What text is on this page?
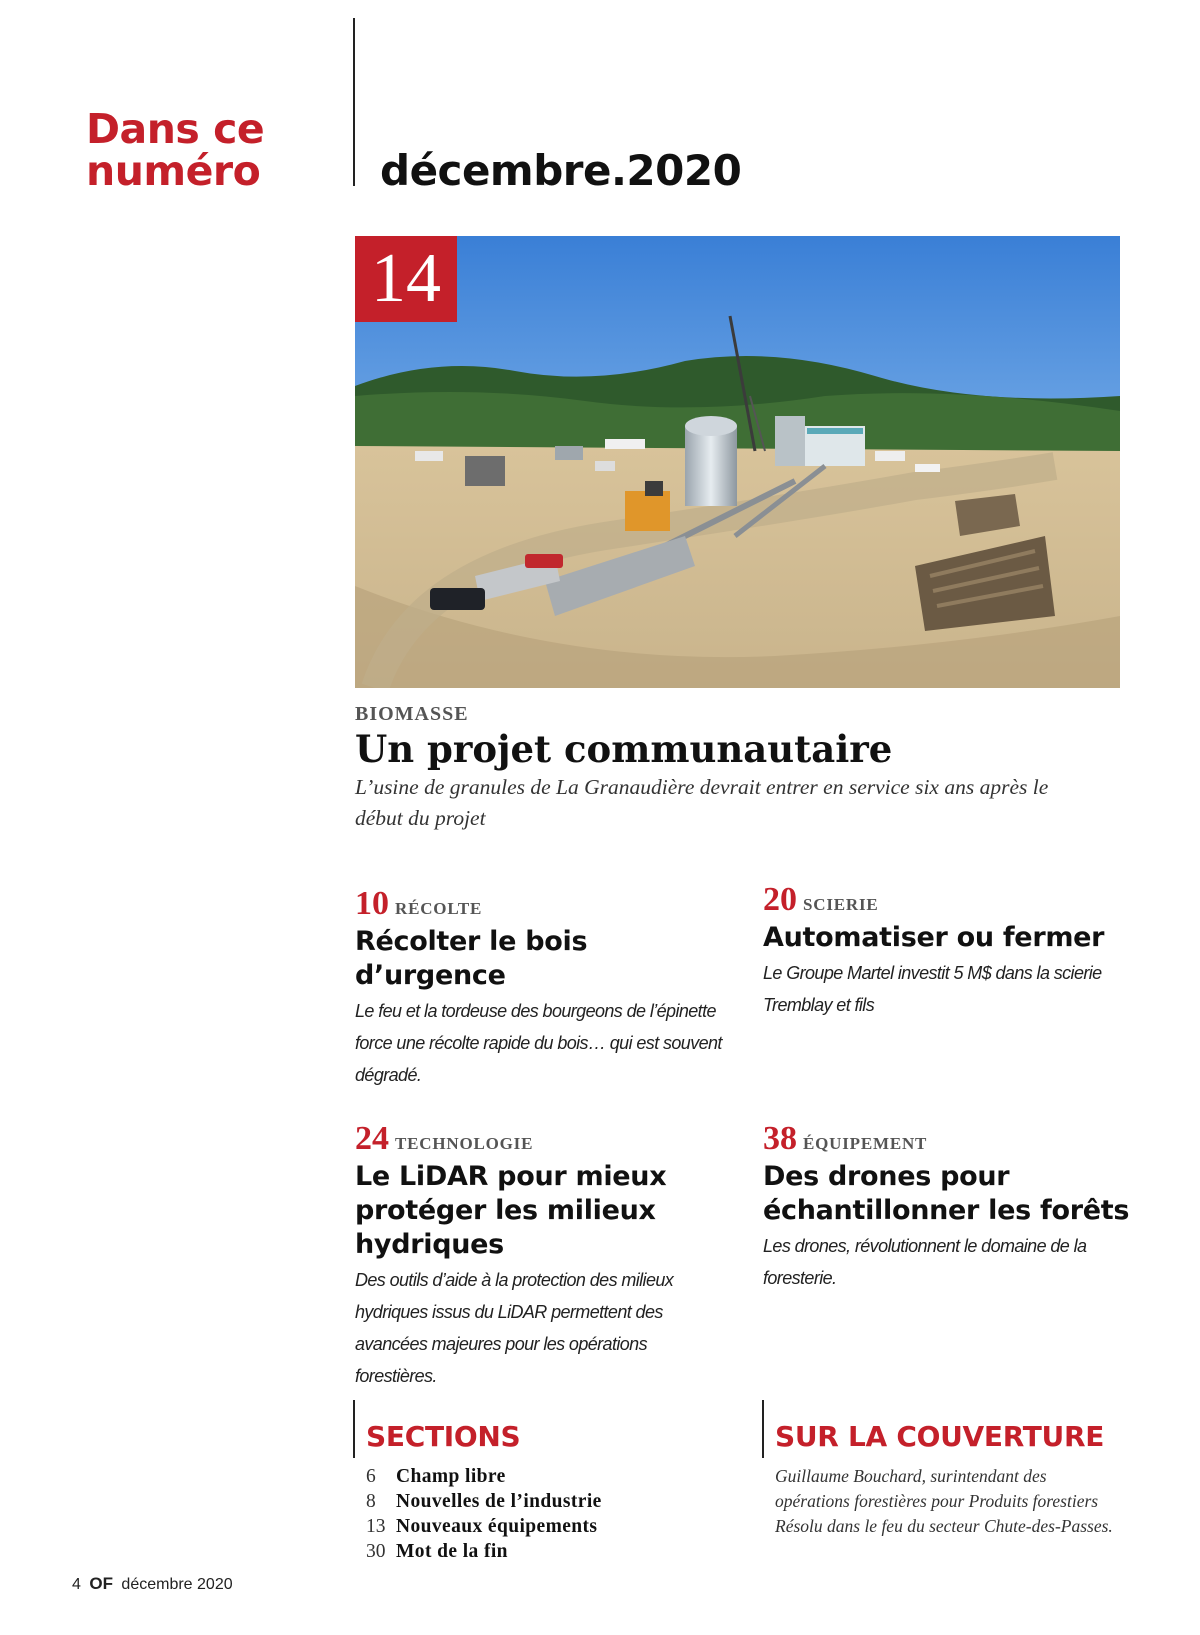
Dans ce
numéro	décembre.2020
14
BIOMASSE
Un projet communautaire
L’usine de granules de La Granaudière devrait entrer en service six ans après le début du projet
10 RÉCOLTE
Récolter le bois d’urgence
Le feu et la tordeuse des bourgeons de l’épinette force une récolte rapide du bois… qui est souvent dégradé.
20 SCIERIE
Automatiser ou fermer
Le Groupe Martel investit 5 M$ dans la scierie Tremblay et fils
24 TECHNOLOGIE
Le LiDAR pour mieux protéger les milieux hydriques
Des outils d’aide à la protection des milieux hydriques issus du LiDAR permettent des avancées majeures pour les opérations forestières.
38 ÉQUIPEMENT
Des drones pour échantillonner les forêts
Les drones, révolutionnent le domaine de la foresterie.
SECTIONS
6 Champ libre
8 Nouvelles de l’industrie
13 Nouveaux équipements
30 Mot de la fin
SUR LA COUVERTURE
Guillaume Bouchard, surintendant des
opérations forestières pour Produits forestiers
Résolu dans le feu du secteur Chute-des-Passes.
4 OF décembre 2020
